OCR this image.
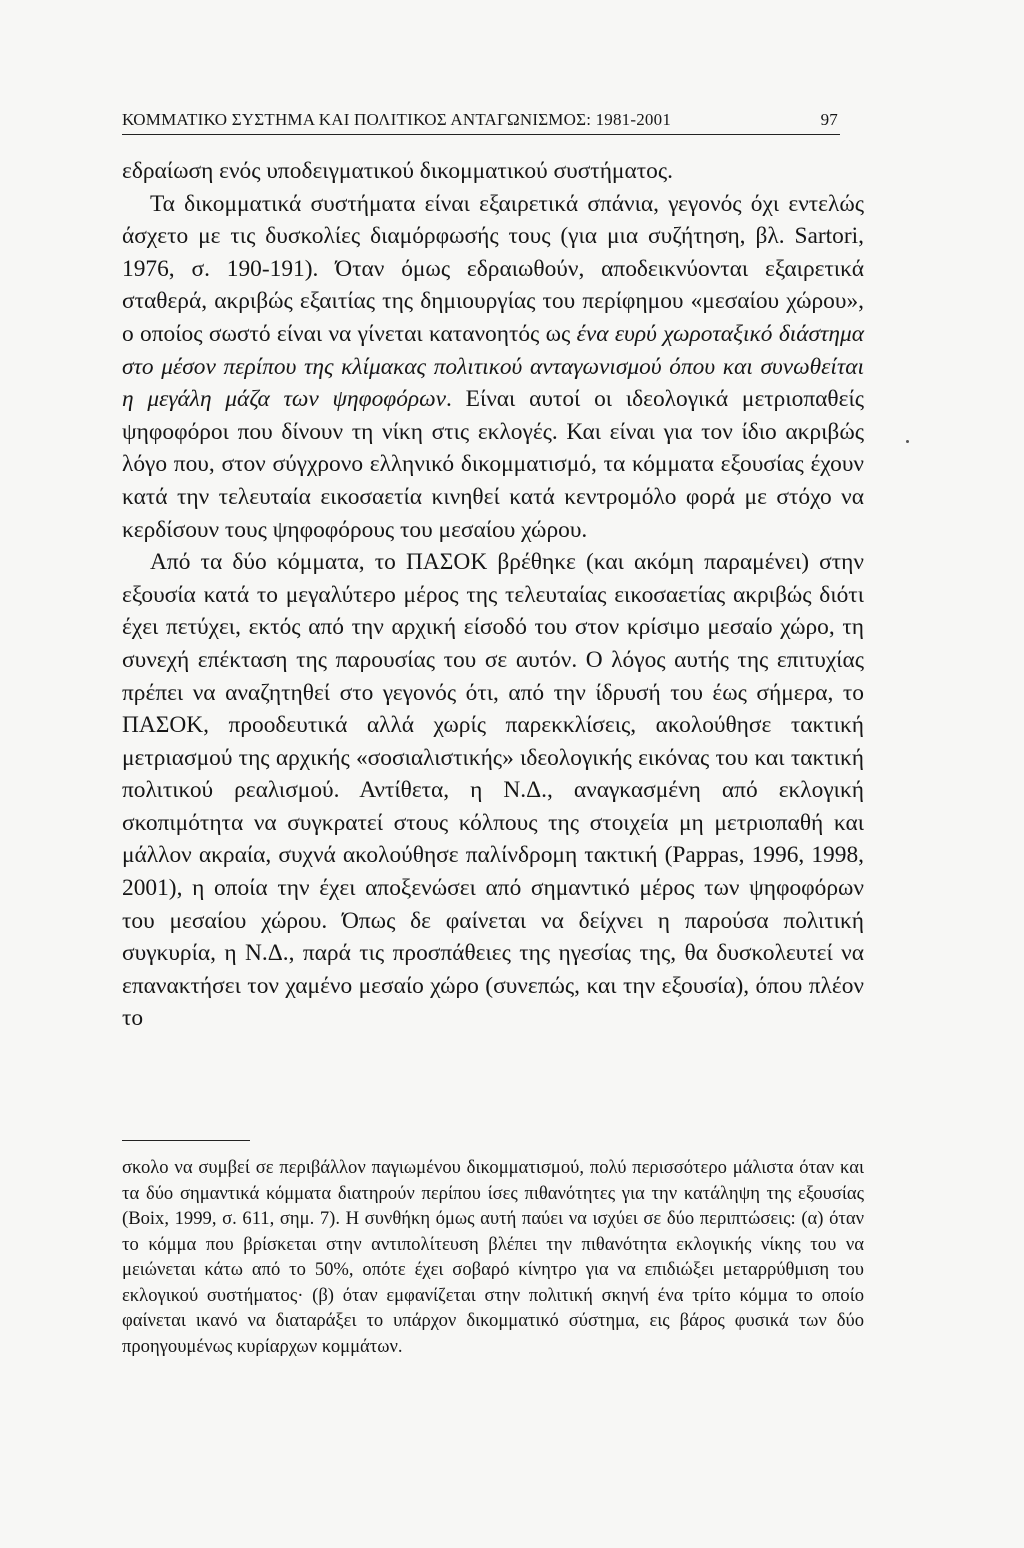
ΚΟΜΜΑΤΙΚΟ ΣΥΣΤΗΜΑ ΚΑΙ ΠΟΛΙΤΙΚΟΣ ΑΝΤΑΓΩΝΙΣΜΟΣ: 1981-2001	97

εδραίωση ενός υποδειγματικού δικομματικού συστήματος.

Τα δικομματικά συστήματα είναι εξαιρετικά σπάνια, γεγονός όχι εντελώς άσχετο με τις δυσκολίες διαμόρφωσής τους (για μια συζήτηση, βλ. Sartori, 1976, σ. 190-191). Όταν όμως εδραιωθούν, αποδεικνύονται εξαιρετικά σταθερά, ακριβώς εξαιτίας της δημιουργίας του περίφημου «μεσαίου χώρου», ο οποίος σωστό είναι να γίνεται κατανοητός ως ένα ευρύ χωροταξικό διάστημα στο μέσον περίπου της κλίμακας πολιτικού ανταγωνισμού όπου και συνωθείται η μεγάλη μάζα των ψηφοφόρων. Είναι αυτοί οι ιδεολογικά μετριοπαθείς ψηφοφόροι που δίνουν τη νίκη στις εκλογές. Και είναι για τον ίδιο ακριβώς λόγο που, στον σύγχρονο ελληνικό δικομματισμό, τα κόμματα εξουσίας έχουν κατά την τελευταία εικοσαετία κινηθεί κατά κεντρομόλο φορά με στόχο να κερδίσουν τους ψηφοφόρους του μεσαίου χώρου.

Από τα δύο κόμματα, το ΠΑΣΟΚ βρέθηκε (και ακόμη παραμένει) στην εξουσία κατά το μεγαλύτερο μέρος της τελευταίας εικοσαετίας ακριβώς διότι έχει πετύχει, εκτός από την αρχική είσοδό του στον κρίσιμο μεσαίο χώρο, τη συνεχή επέκταση της παρουσίας του σε αυτόν. Ο λόγος αυτής της επιτυχίας πρέπει να αναζητηθεί στο γεγονός ότι, από την ίδρυσή του έως σήμερα, το ΠΑΣΟΚ, προοδευτικά αλλά χωρίς παρεκκλίσεις, ακολούθησε τακτική μετριασμού της αρχικής «σοσιαλιστικής» ιδεολογικής εικόνας του και τακτική πολιτικού ρεαλισμού. Αντίθετα, η Ν.Δ., αναγκασμένη από εκλογική σκοπιμότητα να συγκρατεί στους κόλπους της στοιχεία μη μετριοπαθή και μάλλον ακραία, συχνά ακολούθησε παλίνδρομη τακτική (Pappas, 1996, 1998, 2001), η οποία την έχει αποξενώσει από σημαντικό μέρος των ψηφοφόρων του μεσαίου χώρου. Όπως δε φαίνεται να δείχνει η παρούσα πολιτική συγκυρία, η Ν.Δ., παρά τις προσπάθειες της ηγεσίας της, θα δυσκολευτεί να επανακτήσει τον χαμένο μεσαίο χώρο (συνεπώς, και την εξουσία), όπου πλέον το

σκολο να συμβεί σε περιβάλλον παγιωμένου δικομματισμού, πολύ περισσότερο μάλιστα όταν και τα δύο σημαντικά κόμματα διατηρούν περίπου ίσες πιθανότητες για την κατάληψη της εξουσίας (Boix, 1999, σ. 611, σημ. 7). Η συνθήκη όμως αυτή παύει να ισχύει σε δύο περιπτώσεις: (α) όταν το κόμμα που βρίσκεται στην αντιπολίτευση βλέπει την πιθανότητα εκλογικής νίκης του να μειώνεται κάτω από το 50%, οπότε έχει σοβαρό κίνητρο για να επιδιώξει μεταρρύθμιση του εκλογικού συστήματος· (β) όταν εμφανίζεται στην πολιτική σκηνή ένα τρίτο κόμμα το οποίο φαίνεται ικανό να διαταράξει το υπάρχον δικομματικό σύστημα, εις βάρος φυσικά των δύο προηγουμένως κυρίαρχων κομμάτων.
